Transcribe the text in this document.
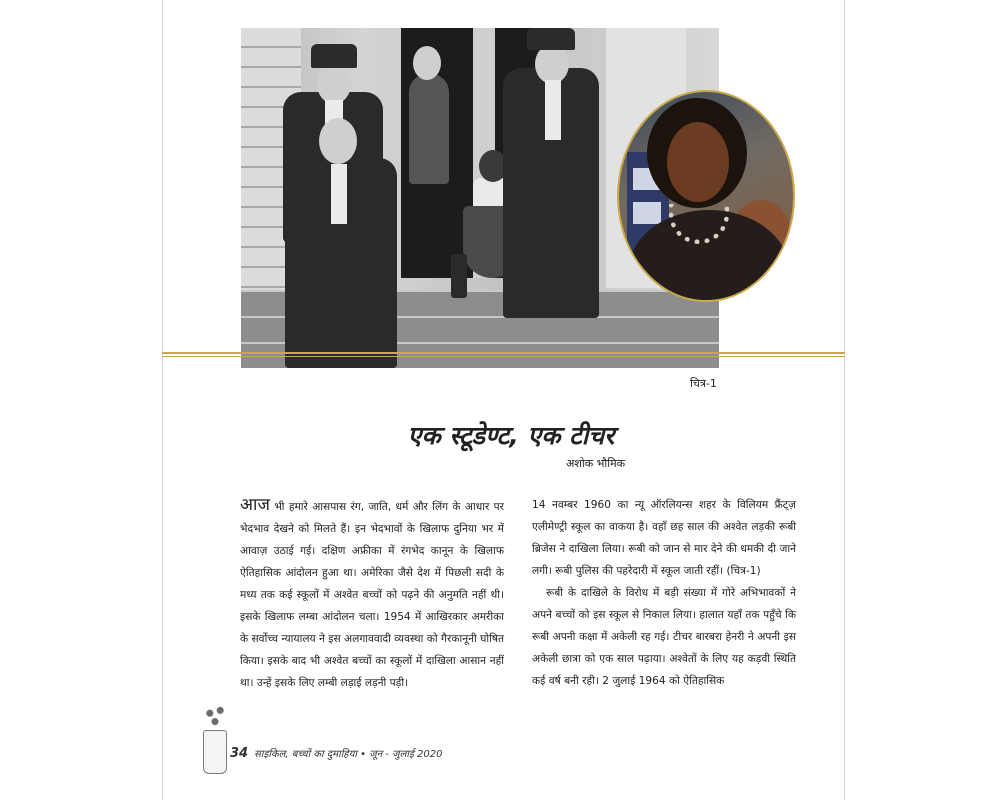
चित्र-1
एक स्टूडेण्ट, एक टीचर
अशोक भौमिक

आज भी हमारे आसपास रंग, जाति, धर्म और लिंग के आधार पर भेदभाव देखने को मिलते हैं। इन भेदभावों के खिलाफ दुनिया भर में आवाज़ उठाई गई। दक्षिण अफ्रीका में रंगभेद कानून के खिलाफ ऐतिहासिक आंदोलन हुआ था। अमेरिका जैसे देश में पिछली सदी के मध्य तक कई स्कूलों में अश्वेत बच्चों को पढ़ने की अनुमति नहीं थी। इसके खिलाफ लम्बा आंदोलन चला। 1954 में आखिरकार अमरीका के सर्वोच्च न्यायालय ने इस अलगाववादी व्यवस्था को गैरकानूनी घोषित किया। इसके बाद भी अश्वेत बच्चों का स्कूलों में दाखिला आसान नहीं था। उन्हें इसके लिए लम्बी लड़ाई लड़नी पड़ी।

14 नवम्बर 1960 का न्यू ऑरलियन्स शहर के विलियम फ्रैंट्ज़ एलीमेण्ट्री स्कूल का वाकया है। वहाँ छह साल की अश्वेत लड़की रूबी ब्रिजेस ने दाखिला लिया। रूबी को जान से मार देने की धमकी दी जाने लगी। रूबी पुलिस की पहरेदारी में स्कूल जाती रहीं। (चित्र-1)

रूबी के दाखिले के विरोध में बड़ी संख्या में गोरे अभिभावकों ने अपने बच्चों को इस स्कूल से निकाल लिया। हालात यहाँ तक पहुँचे कि रूबी अपनी कक्षा में अकेली रह गई। टीचर बारबरा हेनरी ने अपनी इस अकेली छात्रा को एक साल पढ़ाया। अश्वेतों के लिए यह कड़वी स्थिति कई वर्ष बनी रही। 2 जुलाई 1964 को ऐतिहासिक

34 साइकिल, बच्चों का दुमाहिया • जून - जुलाई 2020
